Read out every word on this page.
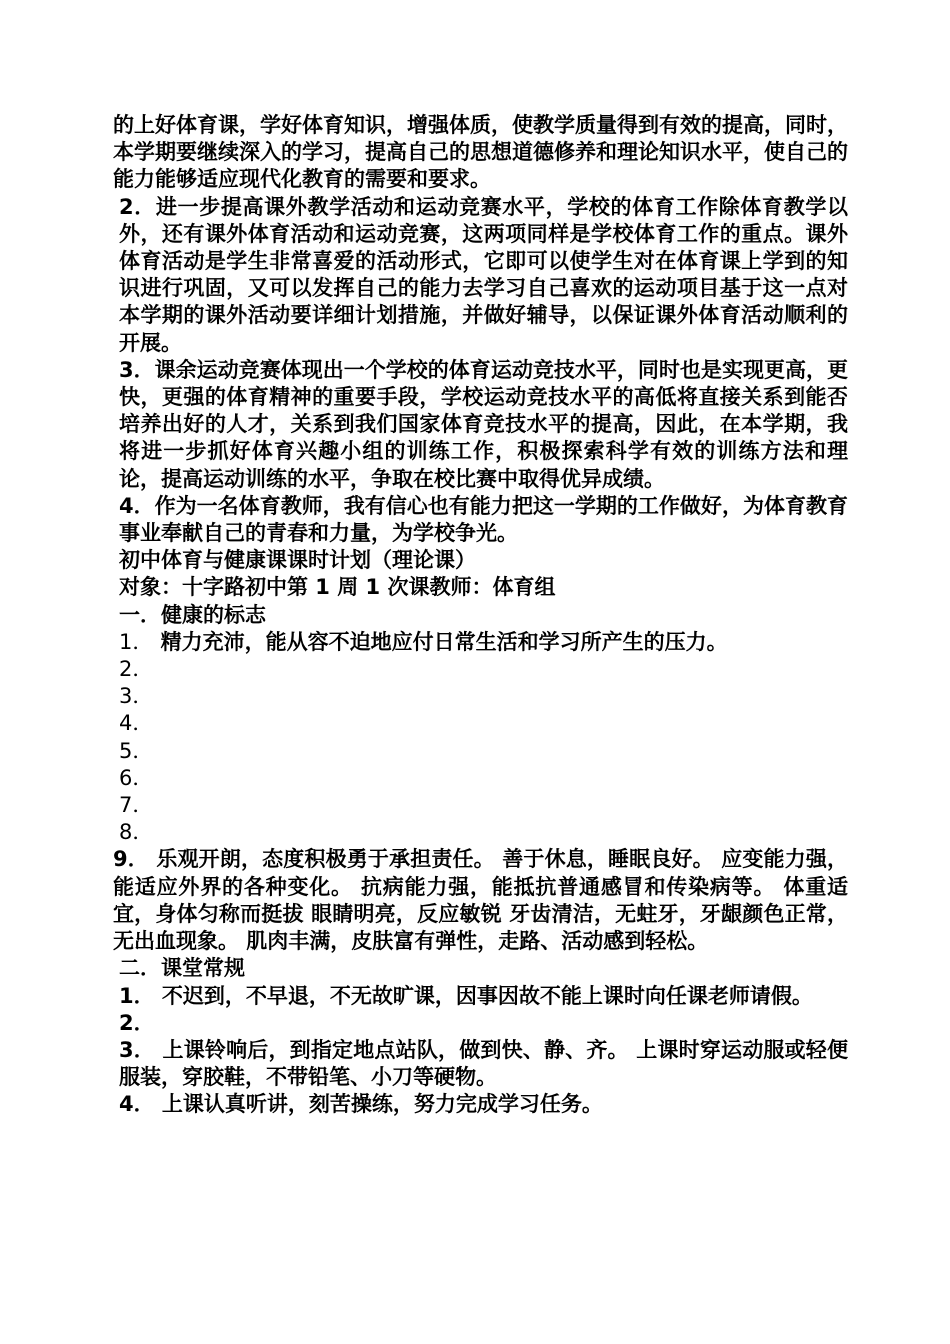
的上好体育课，学好体育知识，增强体质，使教学质量得到有效的提高，同时，本学期要继续深入的学习，提高自己的思想道德修养和理论知识水平，使自己的能力能够适应现代化教育的需要和要求。

2．进一步提高课外教学活动和运动竞赛水平，学校的体育工作除体育教学以外，还有课外体育活动和运动竞赛，这两项同样是学校体育工作的重点。课外体育活动是学生非常喜爱的活动形式，它即可以使学生对在体育课上学到的知识进行巩固，又可以发挥自己的能力去学习自己喜欢的运动项目基于这一点对本学期的课外活动要详细计划措施，并做好辅导，以保证课外体育活动顺利的开展。

3．课余运动竞赛体现出一个学校的体育运动竞技水平，同时也是实现更高，更快，更强的体育精神的重要手段，学校运动竞技水平的高低将直接关系到能否培养出好的人才，关系到我们国家体育竞技水平的提高，因此，在本学期，我将进一步抓好体育兴趣小组的训练工作，积极探索科学有效的训练方法和理论，提高运动训练的水平，争取在校比赛中取得优异成绩。

4．作为一名体育教师，我有信心也有能力把这一学期的工作做好，为体育教育事业奉献自己的青春和力量，为学校争光。

初中体育与健康课课时计划（理论课）

对象：十字路初中第 1 周 1 次课教师：体育组

一．健康的标志

1． 精力充沛，能从容不迫地应付日常生活和学习所产生的压力。

2．

3．

4．

5．

6．

7．

8．

9． 乐观开朗，态度积极勇于承担责任。 善于休息，睡眠良好。 应变能力强，能适应外界的各种变化。 抗病能力强，能抵抗普通感冒和传染病等。 体重适宜，身体匀称而挺拔 眼睛明亮，反应敏锐 牙齿清洁，无蛀牙，牙龈颜色正常，无出血现象。 肌肉丰满，皮肤富有弹性，走路、活动感到轻松。

二．课堂常规

1． 不迟到，不早退，不无故旷课，因事因故不能上课时向任课老师请假。

2．

3． 上课铃响后，到指定地点站队，做到快、静、齐。 上课时穿运动服或轻便服装，穿胶鞋，不带铅笔、小刀等硬物。

4． 上课认真听讲，刻苦操练，努力完成学习任务。
